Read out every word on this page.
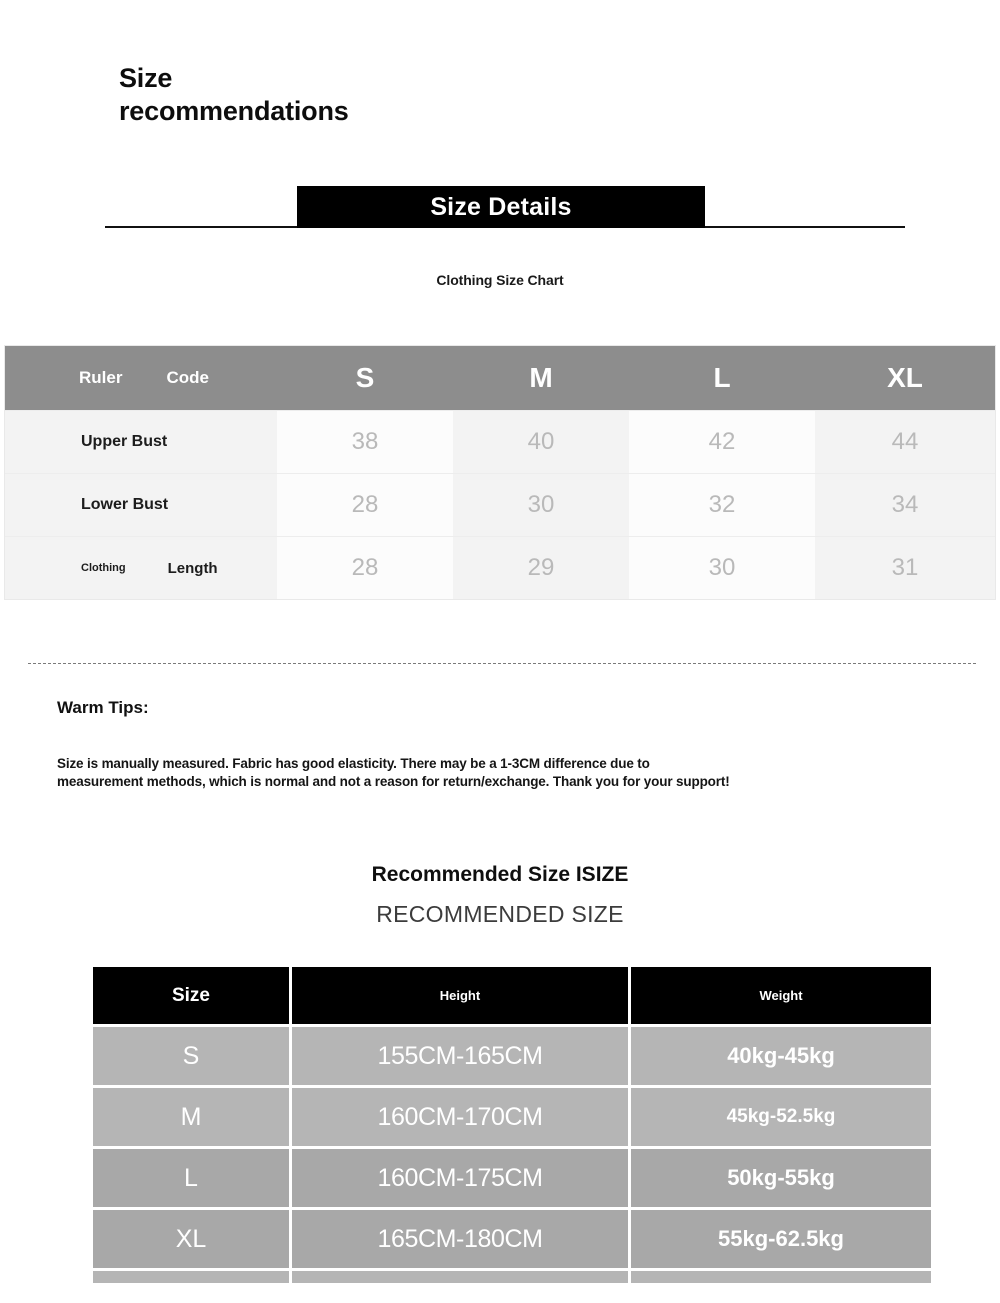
Size
recommendations
Size Details
Clothing Size Chart
Ruler Code	S	M	L	XL

Upper Bust	38	40	42	44

Lower Bust	28	30	32	34

Clothing Length	28	29	30	31
Warm Tips:
Size is manually measured. Fabric has good elasticity. There may be a 1-3CM difference due to measurement methods, which is normal and not a reason for return/exchange. Thank you for your support!
Recommended Size ISIZE
RECOMMENDED SIZE
Size	Height	Weight
S	155CM-165CM	40kg-45kg
M	160CM-170CM	45kg-52.5kg
L	160CM-175CM	50kg-55kg
XL	165CM-180CM	55kg-62.5kg
